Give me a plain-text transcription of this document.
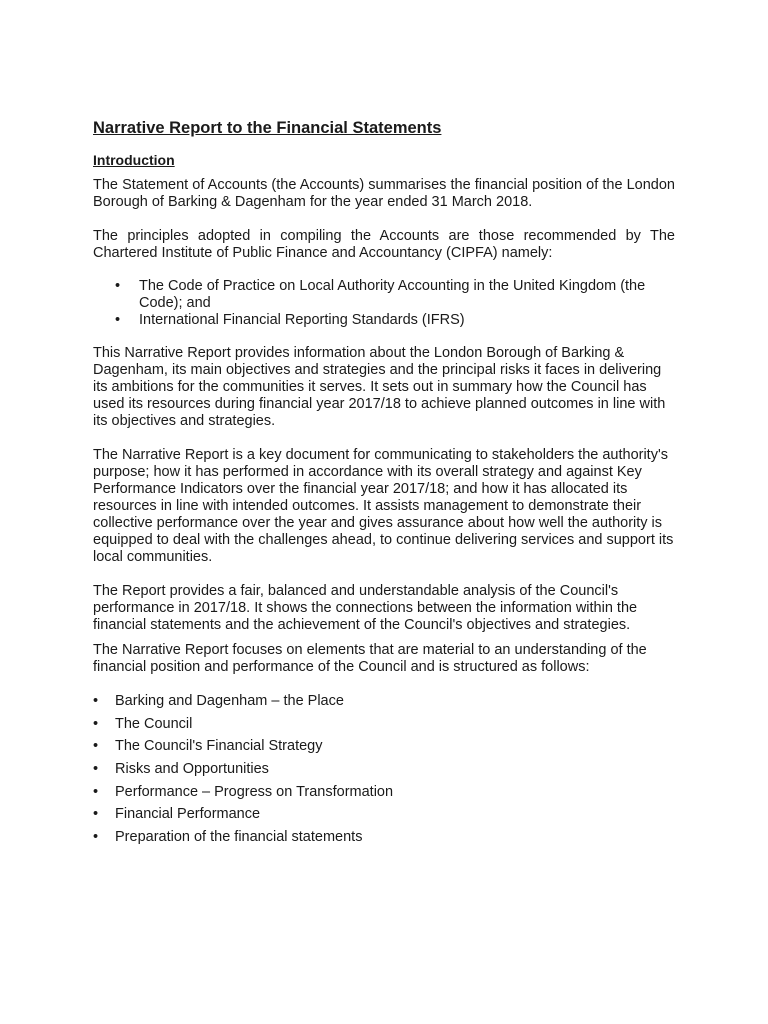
Narrative Report to the Financial Statements
Introduction

The Statement of Accounts (the Accounts) summarises the financial position of the London Borough of Barking & Dagenham for the year ended 31 March 2018.

The principles adopted in compiling the Accounts are those recommended by The Chartered Institute of Public Finance and Accountancy (CIPFA) namely:

• The Code of Practice on Local Authority Accounting in the United Kingdom (the Code); and
• International Financial Reporting Standards (IFRS)

This Narrative Report provides information about the London Borough of Barking & Dagenham, its main objectives and strategies and the principal risks it faces in delivering its ambitions for the communities it serves. It sets out in summary how the Council has used its resources during financial year 2017/18 to achieve planned outcomes in line with its objectives and strategies.

The Narrative Report is a key document for communicating to stakeholders the authority's purpose; how it has performed in accordance with its overall strategy and against Key Performance Indicators over the financial year 2017/18; and how it has allocated its resources in line with intended outcomes. It assists management to demonstrate their collective performance over the year and gives assurance about how well the authority is equipped to deal with the challenges ahead, to continue delivering services and support its local communities.

The Report provides a fair, balanced and understandable analysis of the Council's performance in 2017/18. It shows the connections between the information within the financial statements and the achievement of the Council's objectives and strategies.

The Narrative Report focuses on elements that are material to an understanding of the financial position and performance of the Council and is structured as follows:

• Barking and Dagenham – the Place
• The Council
• The Council's Financial Strategy
• Risks and Opportunities
• Performance – Progress on Transformation
• Financial Performance
• Preparation of the financial statements
